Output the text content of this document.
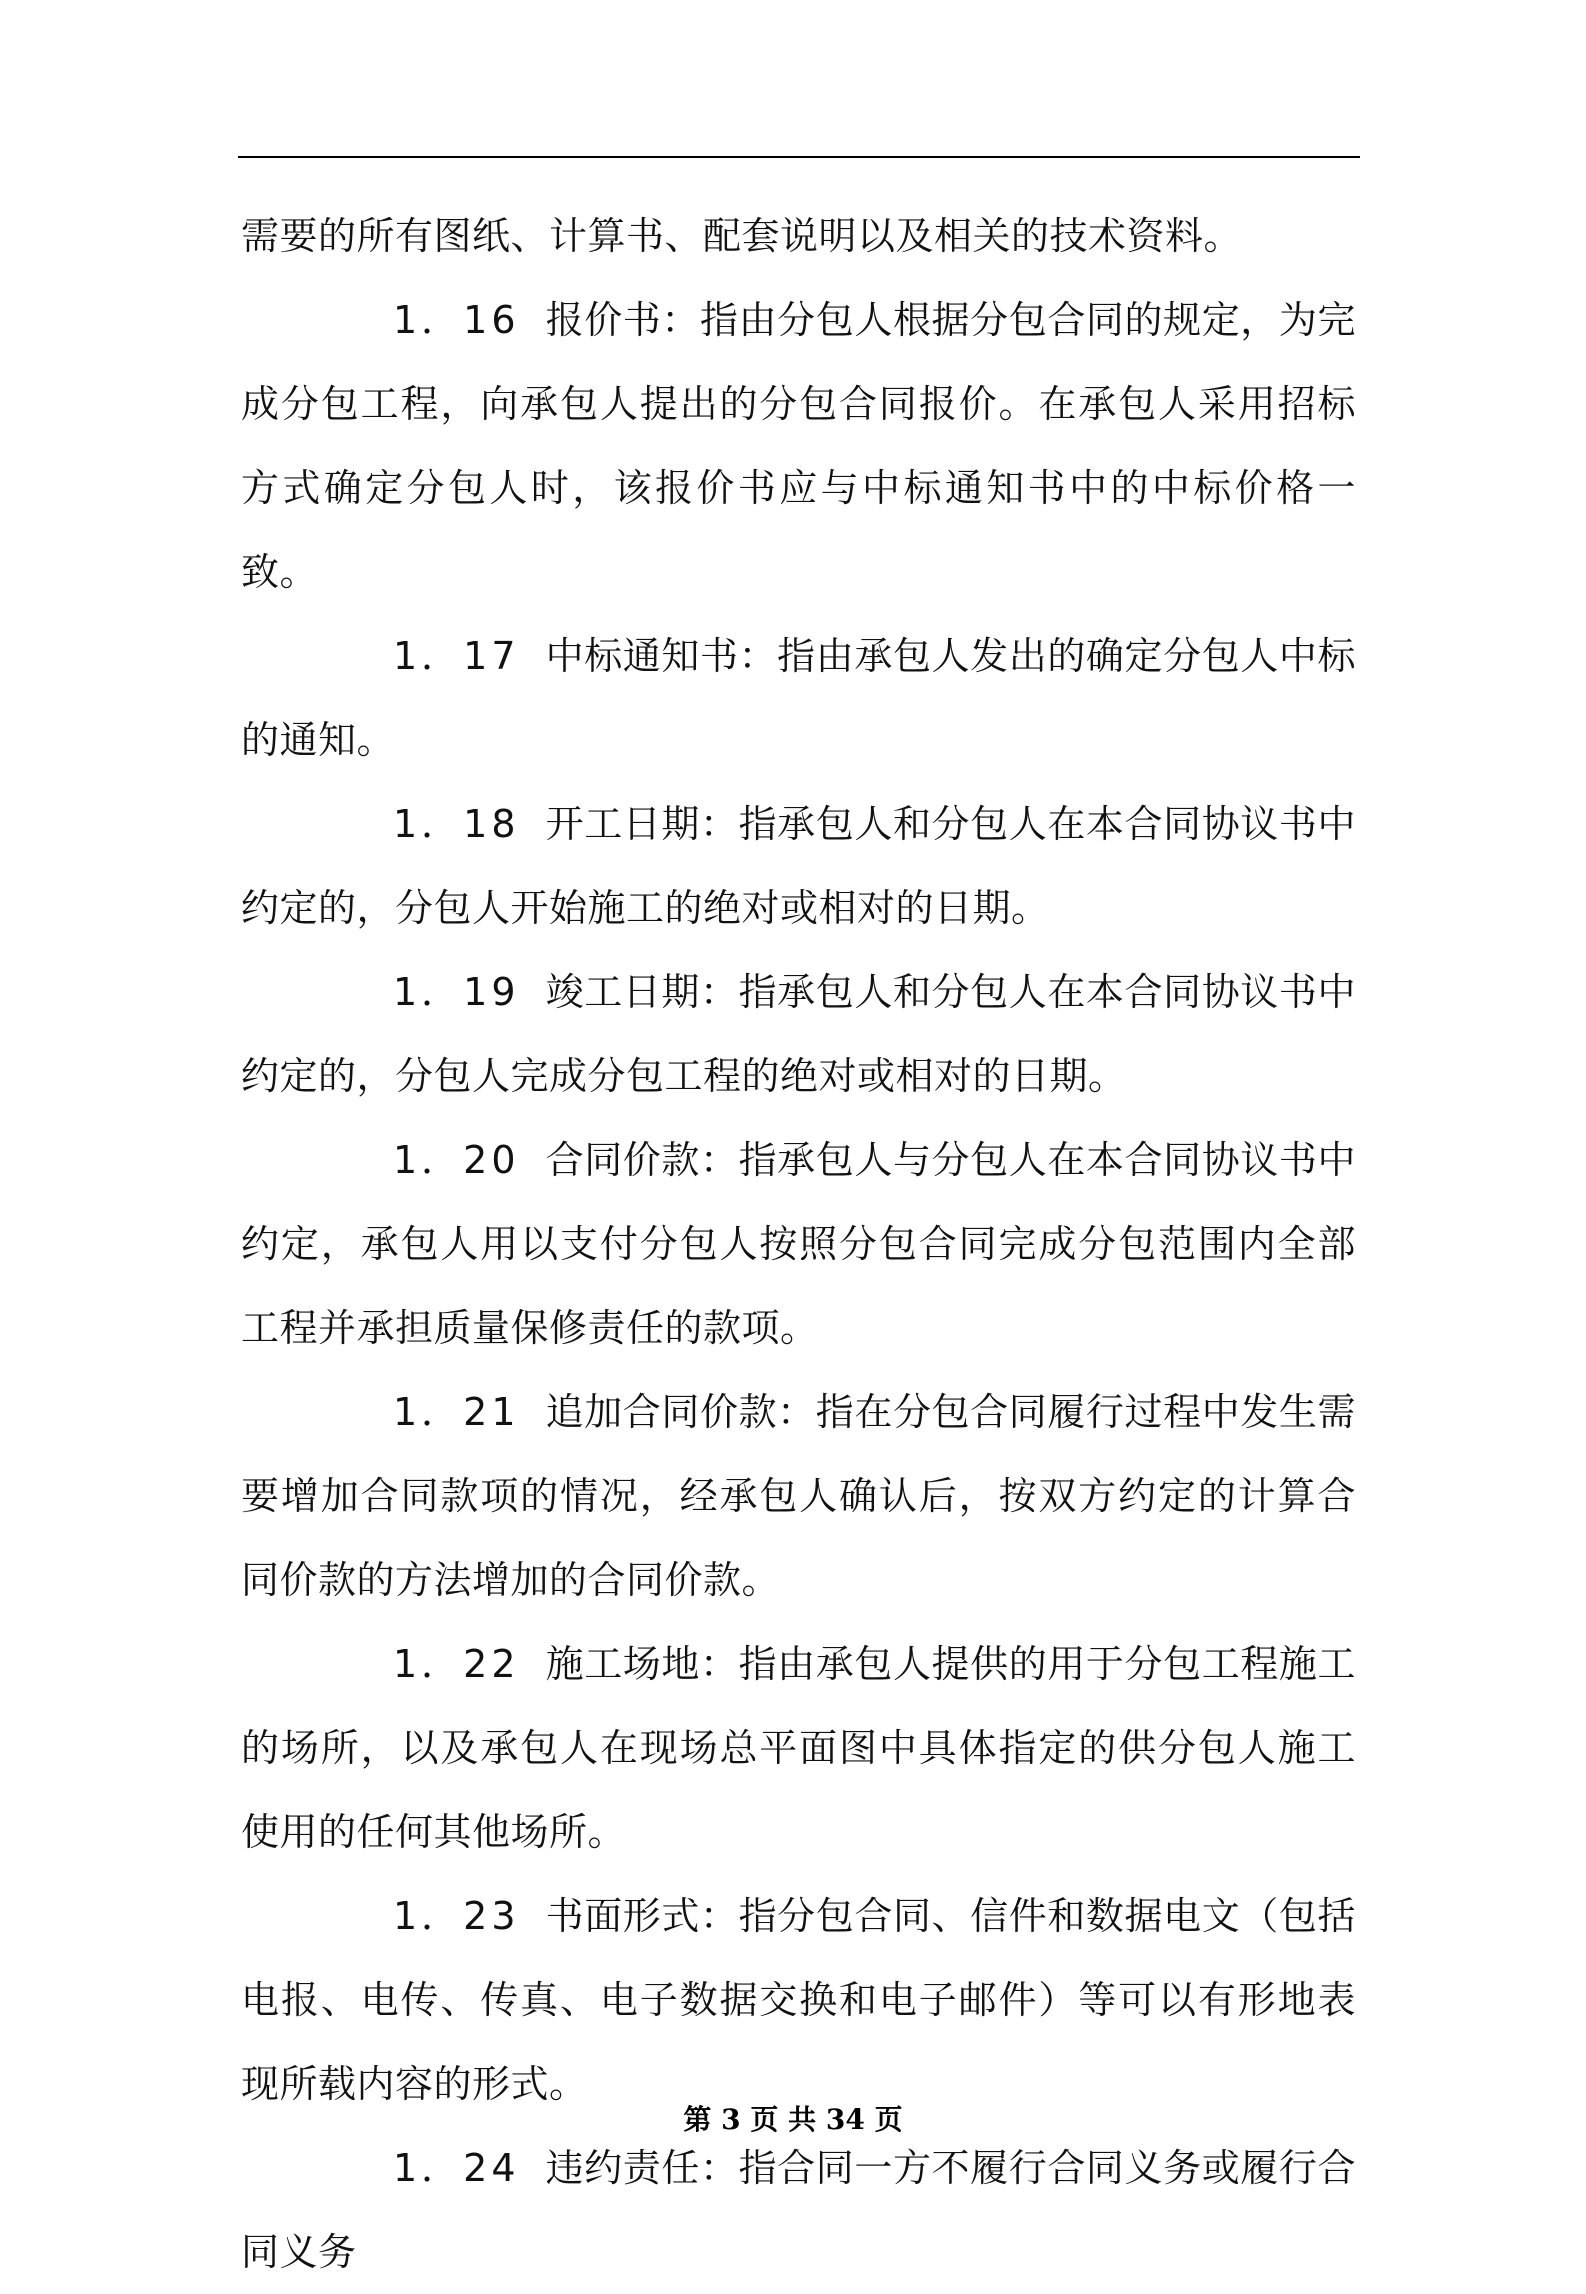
需要的所有图纸、计算书、配套说明以及相关的技术资料。

1．16 报价书：指由分包人根据分包合同的规定，为完成分包工程，向承包人提出的分包合同报价。在承包人采用招标方式确定分包人时，该报价书应与中标通知书中的中标价格一致。

1．17 中标通知书：指由承包人发出的确定分包人中标的通知。

1．18 开工日期：指承包人和分包人在本合同协议书中约定的，分包人开始施工的绝对或相对的日期。

1．19 竣工日期：指承包人和分包人在本合同协议书中约定的，分包人完成分包工程的绝对或相对的日期。

1．20 合同价款：指承包人与分包人在本合同协议书中约定，承包人用以支付分包人按照分包合同完成分包范围内全部工程并承担质量保修责任的款项。

1．21 追加合同价款：指在分包合同履行过程中发生需要增加合同款项的情况，经承包人确认后，按双方约定的计算合同价款的方法增加的合同价款。

1．22 施工场地：指由承包人提供的用于分包工程施工的场所，以及承包人在现场总平面图中具体指定的供分包人施工使用的任何其他场所。

1．23 书面形式：指分包合同、信件和数据电文（包括电报、电传、传真、电子数据交换和电子邮件）等可以有形地表现所载内容的形式。

1．24 违约责任：指合同一方不履行合同义务或履行合同义务

第 3 页 共 34 页
